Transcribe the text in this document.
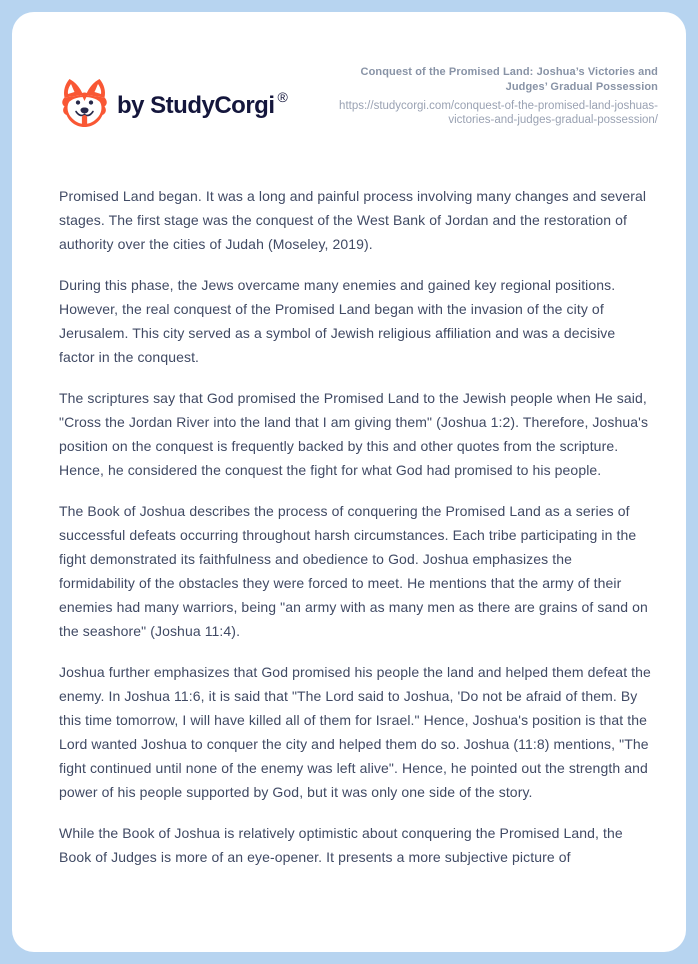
by StudyCorgi ®
Conquest of the Promised Land: Joshua’s Victories and Judges’ Gradual Possession
https://studycorgi.com/conquest-of-the-promised-land-joshuas-victories-and-judges-gradual-possession/

Promised Land began. It was a long and painful process involving many changes and several stages. The first stage was the conquest of the West Bank of Jordan and the restoration of authority over the cities of Judah (Moseley, 2019).

During this phase, the Jews overcame many enemies and gained key regional positions. However, the real conquest of the Promised Land began with the invasion of the city of Jerusalem. This city served as a symbol of Jewish religious affiliation and was a decisive factor in the conquest.

The scriptures say that God promised the Promised Land to the Jewish people when He said, "Cross the Jordan River into the land that I am giving them" (Joshua 1:2). Therefore, Joshua's position on the conquest is frequently backed by this and other quotes from the scripture. Hence, he considered the conquest the fight for what God had promised to his people.

The Book of Joshua describes the process of conquering the Promised Land as a series of successful defeats occurring throughout harsh circumstances. Each tribe participating in the fight demonstrated its faithfulness and obedience to God. Joshua emphasizes the formidability of the obstacles they were forced to meet. He mentions that the army of their enemies had many warriors, being "an army with as many men as there are grains of sand on the seashore" (Joshua 11:4).

Joshua further emphasizes that God promised his people the land and helped them defeat the enemy. In Joshua 11:6, it is said that "The Lord said to Joshua, 'Do not be afraid of them. By this time tomorrow, I will have killed all of them for Israel." Hence, Joshua's position is that the Lord wanted Joshua to conquer the city and helped them do so. Joshua (11:8) mentions, "The fight continued until none of the enemy was left alive". Hence, he pointed out the strength and power of his people supported by God, but it was only one side of the story.

While the Book of Joshua is relatively optimistic about conquering the Promised Land, the Book of Judges is more of an eye-opener. It presents a more subjective picture of
